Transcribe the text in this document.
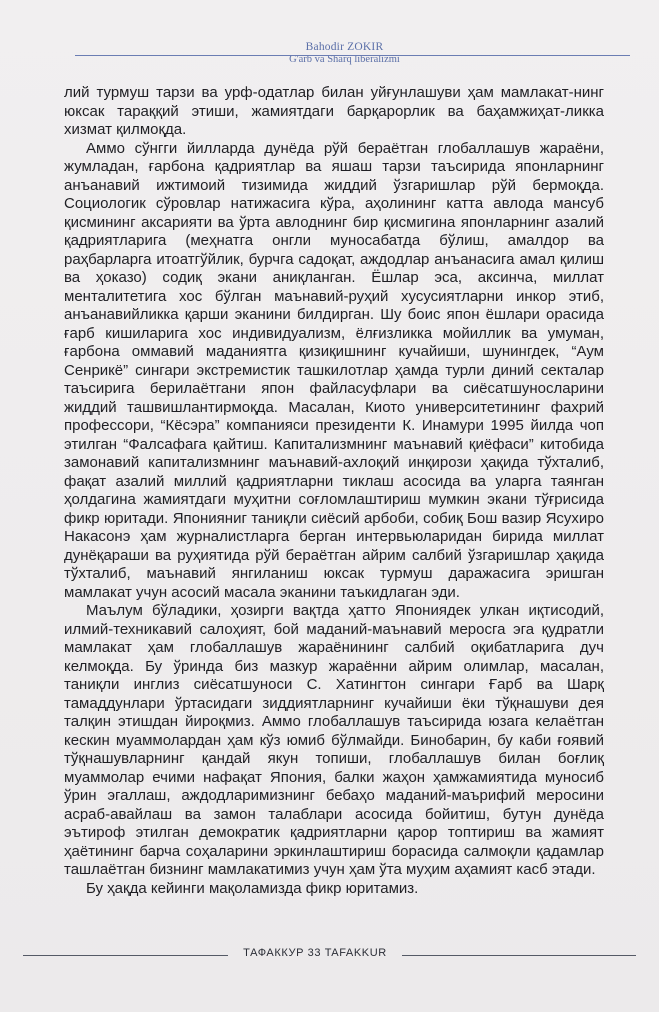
Bahodir ZOKIR
G'arb va Sharq liberalizmi

лий турмуш тарзи ва урф-одатлар билан уйғунлашуви ҳам мамлакат-нинг юксак тараққий этиши, жамиятдаги барқарорлик ва баҳамжиҳат-ликка хизмат қилмоқда.

Аммо сўнгги йилларда дунёда рўй бераётган глобаллашув жараёни, жумладан, ғарбона қадриятлар ва яшаш тарзи таъсирида японларнинг анъанавий ижтимоий тизимида жиддий ўзгаришлар рўй бермоқда. Социологик сўровлар натижасига кўра, аҳолининг катта авлода мансуб қисмининг аксарияти ва ўрта авлоднинг бир қисмигина японларнинг азалий қадриятларига (меҳнатга онгли муносабатда бўлиш, амалдор ва раҳбарларга итоатгўйлик, бурчга садоқат, аждодлар анъанасига амал қилиш ва ҳоказо) содиқ экани аниқланган. Ёшлар эса, аксинча, миллат менталитетига хос бўлган маънавий-руҳий хусусиятларни инкор этиб, анъанавийликка қарши эканини билдирган. Шу боис япон ёшлари орасида ғарб кишиларига хос индивидуализм, ёлғизликка мойиллик ва умуман, ғарбона оммавий маданиятга қизиқишнинг кучайиши, шунингдек, “Аум Сенрикё” сингари экстремистик ташкилотлар ҳамда турли диний секталар таъсирига берилаётгани япон файласуфлари ва сиёсатшуносларини жиддий ташвишлантирмоқда. Масалан, Киото университетининг фахрий профессори, “Кёсэра” компанияси президенти К. Инамури 1995 йилда чоп этилган “Фалсафага қайтиш. Капитализмнинг маънавий қиёфаси” китобида замонавий капитализмнинг маънавий-ахлоқий инқирози ҳақида тўхталиб, фақат азалий миллий қадриятларни тиклаш асосида ва уларга таянган ҳолдагина жамиятдаги муҳитни соғломлаштириш мумкин экани тўғрисида фикр юритади. Японияниг таниқли сиёсий арбоби, собиқ Бош вазир Ясухиро Накасонэ ҳам журналистларга берган интервьюларидан бирида миллат дунёқараши ва руҳиятида рўй бераётган айрим салбий ўзгаришлар ҳақида тўхталиб, маънавий янгиланиш юксак турмуш даражасига эришган мамлакат учун асосий масала эканини таъкидлаган эди.

Маълум бўладики, ҳозирги вақтда ҳатто Япониядек улкан иқтисодий, илмий-техникавий салоҳият, бой маданий-маънавий меросга эга қудратли мамлакат ҳам глобаллашув жараёнининг салбий оқибатларига дуч келмоқда. Бу ўринда биз мазкур жараённи айрим олимлар, масалан, таниқли инглиз сиёсатшуноси С. Хатингтон сингари Ғарб ва Шарқ тамаддунлари ўртасидаги зиддиятларнинг кучайиши ёки тўқнашуви дея талқин этишдан йироқмиз. Аммо глобаллашув таъсирида юзага келаётган кескин муаммолардан ҳам кўз юмиб бўлмайди. Бинобарин, бу каби ғоявий тўқнашувларнинг қандай якун топиши, глобаллашув билан боғлиқ муаммолар ечими нафақат Япония, балки жаҳон ҳамжамиятида муносиб ўрин эгаллаш, аждодларимизнинг бебаҳо маданий-маърифий меросини асраб-авайлаш ва замон талаблари асосида бойитиш, бутун дунёда эътироф этилган демократик қадриятларни қарор топтириш ва жамият ҳаётининг барча соҳаларини эркинлаштириш борасида салмоқли қадамлар ташлаётган бизнинг мамлакатимиз учун ҳам ўта муҳим аҳамият касб этади.

Бу ҳақда кейинги мақоламизда фикр юритамиз.

ТАФАККУР 33 TAFAKKUR
